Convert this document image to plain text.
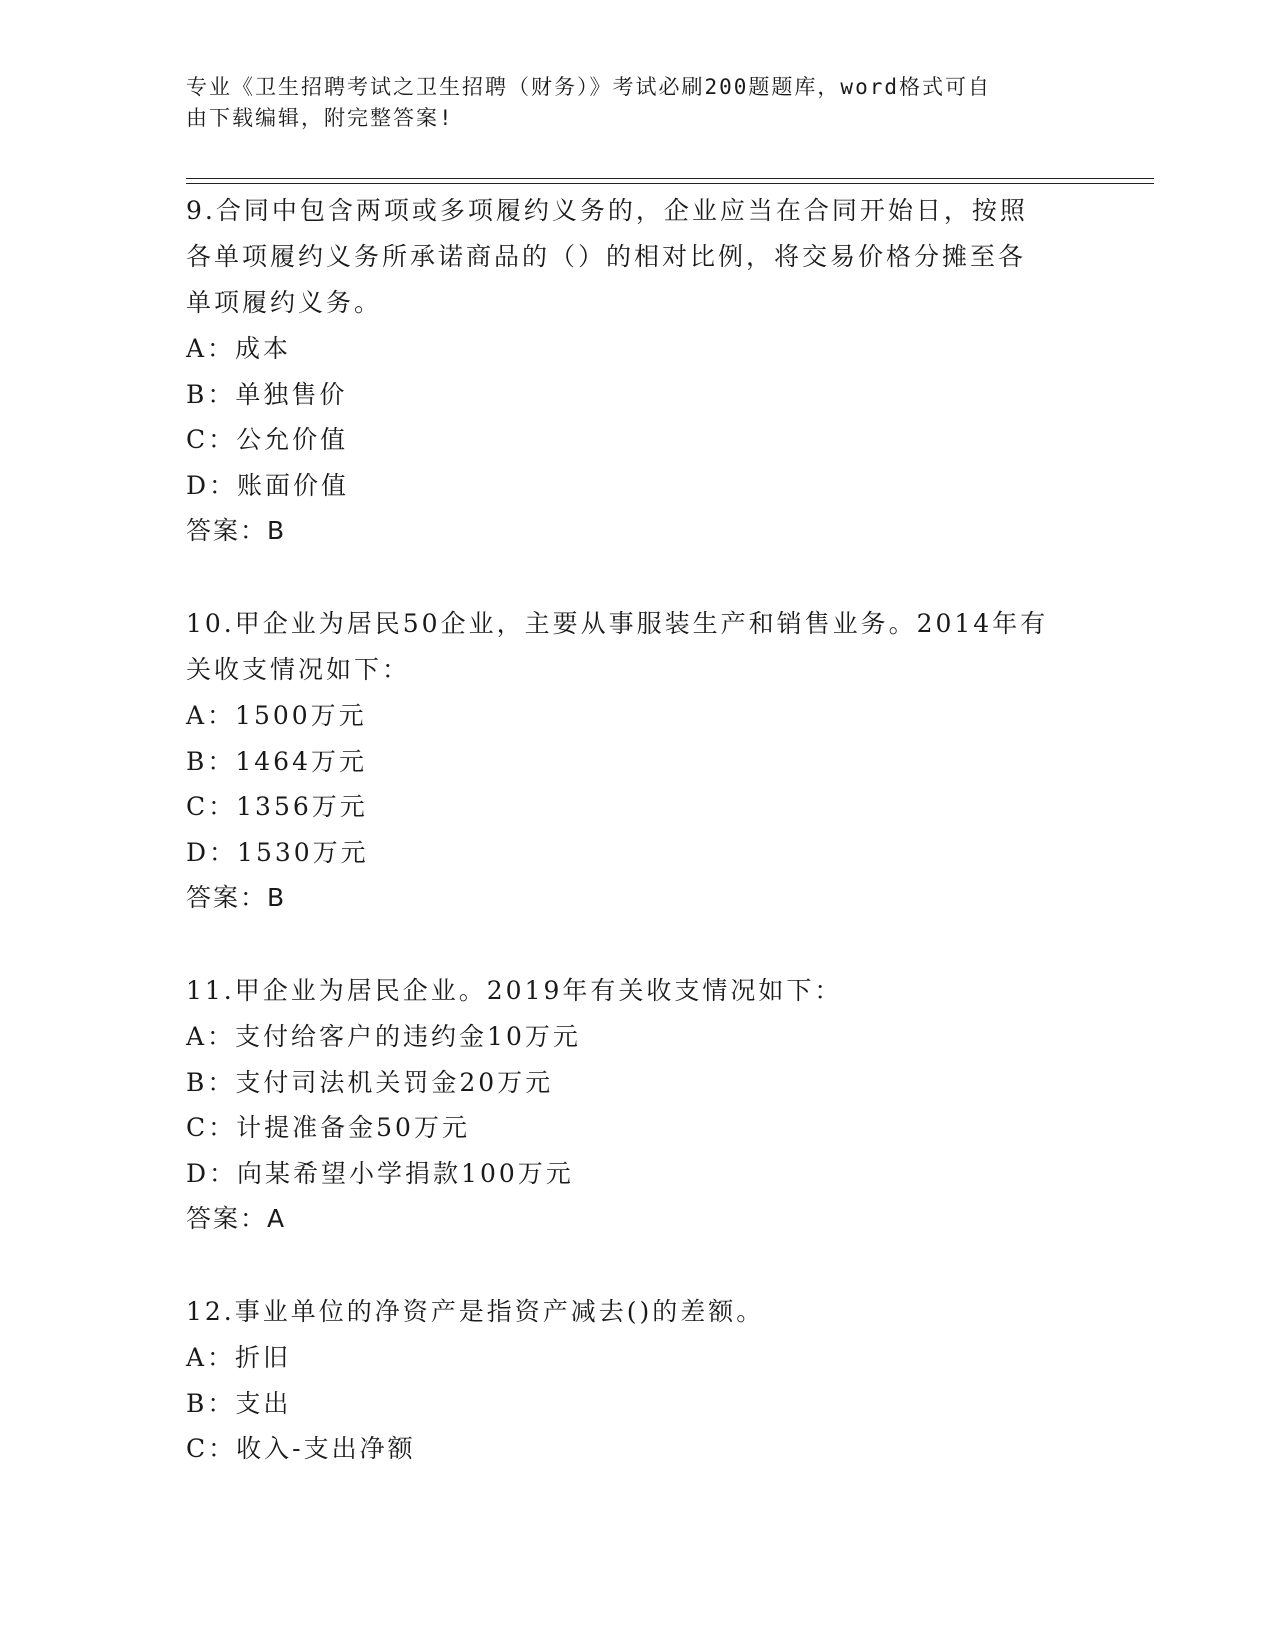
专业《卫生招聘考试之卫生招聘（财务）》考试必刷200题题库，word格式可自
由下载编辑，附完整答案!

9.合同中包含两项或多项履约义务的，企业应当在合同开始日，按照

各单项履约义务所承诺商品的（）的相对比例，将交易价格分摊至各

单项履约义务。

A：成本

B：单独售价

C：公允价值

D：账面价值

答案：B

10.甲企业为居民50企业，主要从事服装生产和销售业务。2014年有

关收支情况如下：

A：1500万元

B：1464万元

C：1356万元

D：1530万元

答案：B

11.甲企业为居民企业。2019年有关收支情况如下：

A：支付给客户的违约金10万元

B：支付司法机关罚金20万元

C：计提准备金50万元

D：向某希望小学捐款100万元

答案：A

12.事业单位的净资产是指资产减去()的差额。

A：折旧

B：支出

C：收入-支出净额
